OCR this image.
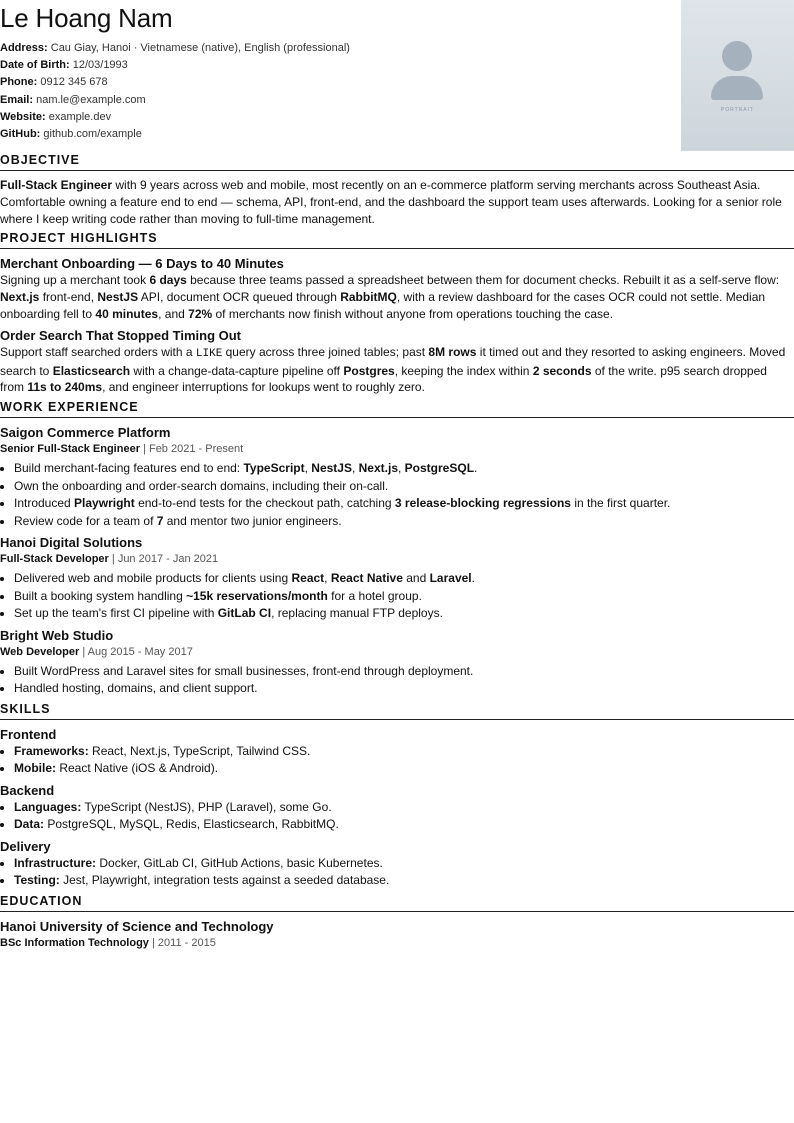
Le Hoang Nam
Address: Cau Giay, Hanoi · Vietnamese (native), English (professional)
Date of Birth: 12/03/1993
Phone: 0912 345 678
Email: nam.le@example.com
Website: example.dev
GitHub: github.com/example
PORTRAIT
OBJECTIVE

Full-Stack Engineer with 9 years across web and mobile, most recently on an e-commerce platform serving merchants across Southeast Asia. Comfortable owning a feature end to end — schema, API, front-end, and the dashboard the support team uses afterwards. Looking for a senior role where I keep writing code rather than moving to full-time management.

PROJECT HIGHLIGHTS
Merchant Onboarding — 6 Days to 40 Minutes

Signing up a merchant took 6 days because three teams passed a spreadsheet between them for document checks. Rebuilt it as a self-serve flow: Next.js front-end, NestJS API, document OCR queued through RabbitMQ, with a review dashboard for the cases OCR could not settle. Median onboarding fell to 40 minutes, and 72% of merchants now finish without anyone from operations touching the case.

Order Search That Stopped Timing Out

Support staff searched orders with a LIKE query across three joined tables; past 8M rows it timed out and they resorted to asking engineers. Moved search to Elasticsearch with a change-data-capture pipeline off Postgres, keeping the index within 2 seconds of the write. p95 search dropped from 11s to 240ms, and engineer interruptions for lookups went to roughly zero.

WORK EXPERIENCE
Saigon Commerce Platform
Senior Full-Stack Engineer | Feb 2021 - Present
• Build merchant-facing features end to end: TypeScript, NestJS, Next.js, PostgreSQL.
• Own the onboarding and order-search domains, including their on-call.
• Introduced Playwright end-to-end tests for the checkout path, catching 3 release-blocking regressions in the first quarter.
• Review code for a team of 7 and mentor two junior engineers.
Hanoi Digital Solutions
Full-Stack Developer | Jun 2017 - Jan 2021
• Delivered web and mobile products for clients using React, React Native and Laravel.
• Built a booking system handling ~15k reservations/month for a hotel group.
• Set up the team's first CI pipeline with GitLab CI, replacing manual FTP deploys.
Bright Web Studio
Web Developer | Aug 2015 - May 2017
• Built WordPress and Laravel sites for small businesses, front-end through deployment.
• Handled hosting, domains, and client support.
SKILLS
Frontend
• Frameworks: React, Next.js, TypeScript, Tailwind CSS.
• Mobile: React Native (iOS & Android).
Backend
• Languages: TypeScript (NestJS), PHP (Laravel), some Go.
• Data: PostgreSQL, MySQL, Redis, Elasticsearch, RabbitMQ.
Delivery
• Infrastructure: Docker, GitLab CI, GitHub Actions, basic Kubernetes.
• Testing: Jest, Playwright, integration tests against a seeded database.
EDUCATION
Hanoi University of Science and Technology
BSc Information Technology | 2011 - 2015
